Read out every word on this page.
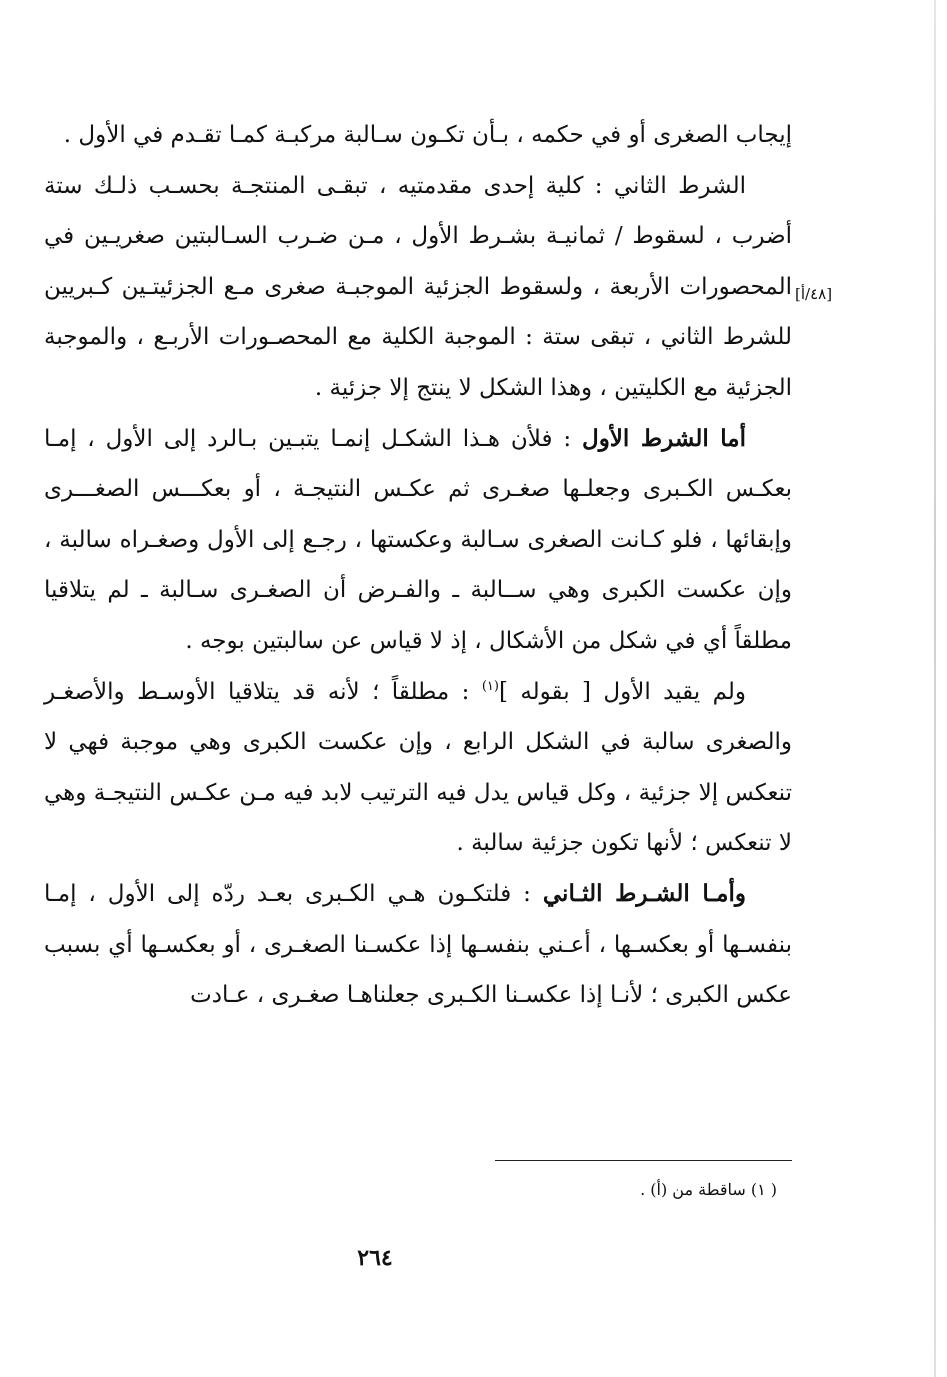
إيجاب الصغرى أو في حكمه ، بـأن تكـون سـالبة مركبـة كمـا تقـدم في الأول .

الشرط الثاني : كلية إحدى مقدمتيه ، تبقـى المنتجـة بحسـب ذلـك ستة أضرب ، لسقوط / ثمانيـة بشـرط الأول ، مـن ضـرب السـالبتين صغريـين في المحصورات الأربعة ، ولسقوط الجزئية الموجبـة صغرى مـع الجزئيتـين كـبريين للشرط الثاني ، تبقى ستة : الموجبة الكلية مع المحصـورات الأربـع ، والموجبة الجزئية مع الكليتين ، وهذا الشكل لا ينتج إلا جزئية .

أما الشرط الأول : فلأن هـذا الشكـل إنمـا يتبـين بـالرد إلى الأول ، إمـا بعكـس الكـبرى وجعلـها صغـرى ثم عكـس النتيجـة ، أو بعكـــس الصغـــرى وإبقائها ، فلو كـانت الصغرى سـالبة وعكستها ، رجـع إلى الأول وصغـراه سالبة ، وإن عكست الكبرى وهي ســالبة ـ والفـرض أن الصغـرى سـالبة ـ لم يتلاقيا مطلقاً أي في شكل من الأشكال ، إذ لا قياس عن سالبتين بوجه .

ولم يقيد الأول [ بقوله ]$^{(١)}$ : مطلقاً ؛ لأنه قد يتلاقيا الأوسـط والأصغـر والصغرى سالبة في الشكل الرابع ، وإن عكست الكبرى وهي موجبة فهي لا تنعكس إلا جزئية ، وكل قياس يدل فيه الترتيب لابد فيه مـن عكـس النتيجـة وهي لا تنعكس ؛ لأنها تكون جزئية سالبة .

وأمـا الشـرط الثـاني : فلتكـون هـي الكـبرى بعـد ردّه إلى الأول ، إمـا بنفسـها أو بعكسـها ، أعـني بنفسـها إذا عكسـنا الصغـرى ، أو بعكسـها أي بسبب عكس الكبرى ؛ لأنـا إذا عكسـنا الكـبرى جعلناهـا صغـرى ، عـادت

[٤٨/أ]
( ١) ساقطة من (أ) .
٢٦٤
